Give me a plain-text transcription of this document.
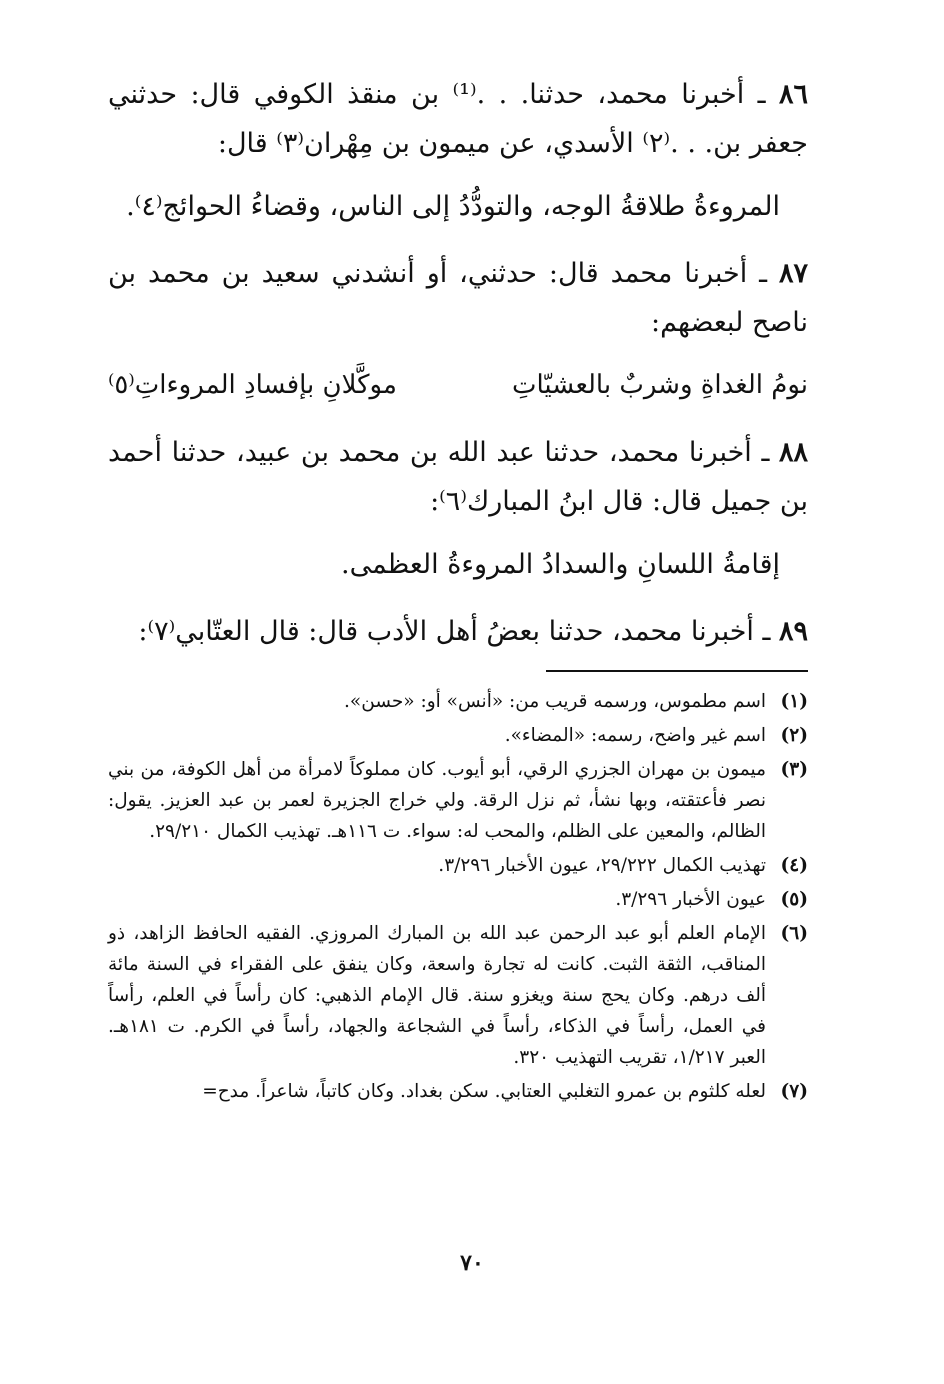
٨٦ ـ أخبرنا محمد، حدثنا. . .⁽¹⁾ بن منقذ الكوفي قال: حدثني جعفر بن. . .⁽٢⁾ الأسدي، عن ميمون بن مِهْران⁽٣⁾ قال:

المروءةُ طلاقةُ الوجه، والتودُّدُ إلى الناس، وقضاءُ الحوائج⁽٤⁾.

٨٧ ـ أخبرنا محمد قال: حدثني، أو أنشدني سعيد بن محمد بن ناصح لبعضهم:

نومُ الغداةِ وشربٌ بالعشيّاتِ
موكَّلانِ بإفسادِ المروءاتِ⁽٥⁾

٨٨ ـ أخبرنا محمد، حدثنا عبد الله بن محمد بن عبيد، حدثنا أحمد بن جميل قال: قال ابنُ المبارك⁽٦⁾:

إقامةُ اللسانِ والسدادُ المروءةُ العظمى.

٨٩ ـ أخبرنا محمد، حدثنا بعضُ أهل الأدب قال: قال العتّابي⁽٧⁾:

(١)
اسم مطموس، ورسمه قريب من: «أنس» أو: «حسن».
(٢)
اسم غير واضح، رسمه: «المضاء».
(٣)
ميمون بن مهران الجزري الرقي، أبو أيوب. كان مملوكاً لامرأة من أهل الكوفة، من بني نصر فأعتقته، وبها نشأ، ثم نزل الرقة. ولي خراج الجزيرة لعمر بن عبد العزيز. يقول: الظالم، والمعين على الظلم، والمحب له: سواء. ت ١١٦هـ. تهذيب الكمال ٢٩/٢١٠.
(٤)
تهذيب الكمال ٢٩/٢٢٢، عيون الأخبار ٣/٢٩٦.
(٥)
عيون الأخبار ٣/٢٩٦.
(٦)
الإمام العلم أبو عبد الرحمن عبد الله بن المبارك المروزي. الفقيه الحافظ الزاهد، ذو المناقب، الثقة الثبت. كانت له تجارة واسعة، وكان ينفق على الفقراء في السنة مائة ألف درهم. وكان يحج سنة ويغزو سنة. قال الإمام الذهبي: كان رأساً في العلم، رأساً في العمل، رأساً في الذكاء، رأساً في الشجاعة والجهاد، رأساً في الكرم. ت ١٨١هـ. العبر ١/٢١٧، تقريب التهذيب ٣٢٠.
(٧)
لعله كلثوم بن عمرو التغلبي العتابي. سكن بغداد. وكان كاتباً، شاعراً. مدح=
٧٠
